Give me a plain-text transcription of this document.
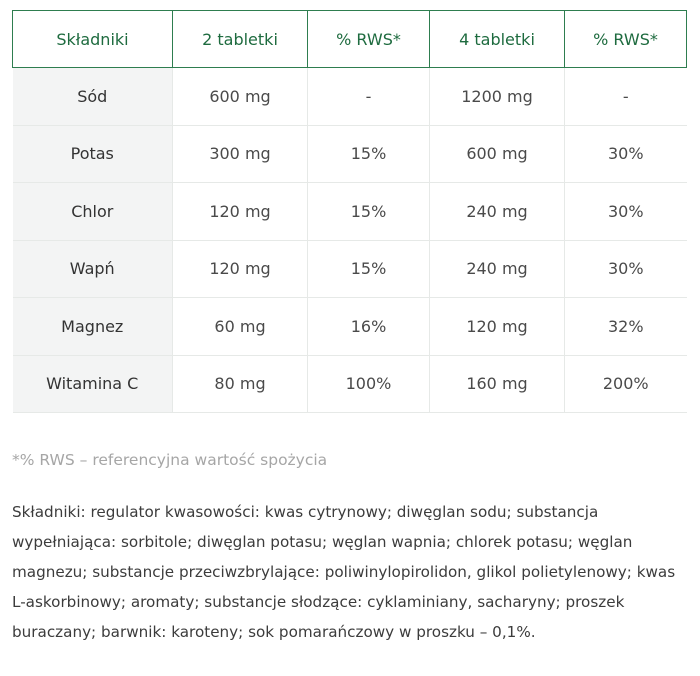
Składniki	2 tabletki	% RWS*	4 tabletki	% RWS*
Sód	600 mg	-	1200 mg	-
Potas	300 mg	15%	600 mg	30%
Chlor	120 mg	15%	240 mg	30%
Wapń	120 mg	15%	240 mg	30%
Magnez	60 mg	16%	120 mg	32%
Witamina C	80 mg	100%	160 mg	200%

*% RWS – referencyjna wartość spożycia

Składniki: regulator kwasowości: kwas cytrynowy; diwęglan sodu; substancja wypełniająca: sorbitole; diwęglan potasu; węglan wapnia; chlorek potasu; węglan magnezu; substancje przeciwzbrylające: poliwinylopirolidon, glikol polietylenowy; kwas L-askorbinowy; aromaty; substancje słodzące: cyklaminiany, sacharyny; proszek buraczany; barwnik: karoteny; sok pomarańczowy w proszku – 0,1%.
